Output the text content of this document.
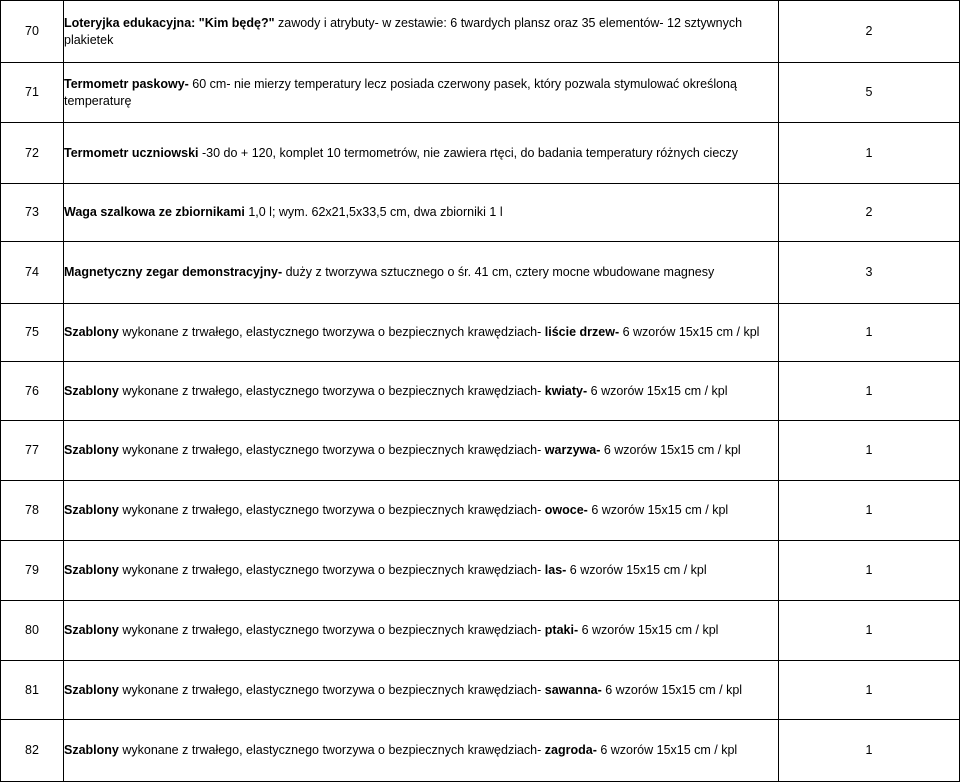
70	Loteryjka edukacyjna: "Kim będę?" zawody i atrybuty- w zestawie: 6 twardych plansz oraz 35 elementów- 12 sztywnych plakietek	2
71	Termometr paskowy- 60 cm- nie mierzy temperatury lecz posiada czerwony pasek, który pozwala stymulować określoną temperaturę	5
72	Termometr uczniowski -30 do + 120, komplet 10 termometrów, nie zawiera rtęci, do badania temperatury różnych cieczy	1
73	Waga szalkowa ze zbiornikami 1,0 l; wym. 62x21,5x33,5 cm, dwa zbiorniki 1 l	2
74	Magnetyczny zegar demonstracyjny- duży z tworzywa sztucznego o śr. 41 cm, cztery mocne wbudowane magnesy	3
75	Szablony wykonane z trwałego, elastycznego tworzywa o bezpiecznych krawędziach- liście drzew- 6 wzorów 15x15 cm / kpl	1
76	Szablony wykonane z trwałego, elastycznego tworzywa o bezpiecznych krawędziach- kwiaty- 6 wzorów 15x15 cm / kpl	1
77	Szablony wykonane z trwałego, elastycznego tworzywa o bezpiecznych krawędziach- warzywa- 6 wzorów 15x15 cm / kpl	1
78	Szablony wykonane z trwałego, elastycznego tworzywa o bezpiecznych krawędziach- owoce- 6 wzorów 15x15 cm / kpl	1
79	Szablony wykonane z trwałego, elastycznego tworzywa o bezpiecznych krawędziach- las- 6 wzorów 15x15 cm / kpl	1
80	Szablony wykonane z trwałego, elastycznego tworzywa o bezpiecznych krawędziach- ptaki- 6 wzorów 15x15 cm / kpl	1
81	Szablony wykonane z trwałego, elastycznego tworzywa o bezpiecznych krawędziach- sawanna- 6 wzorów 15x15 cm / kpl	1
82	Szablony wykonane z trwałego, elastycznego tworzywa o bezpiecznych krawędziach- zagroda- 6 wzorów 15x15 cm / kpl	1
